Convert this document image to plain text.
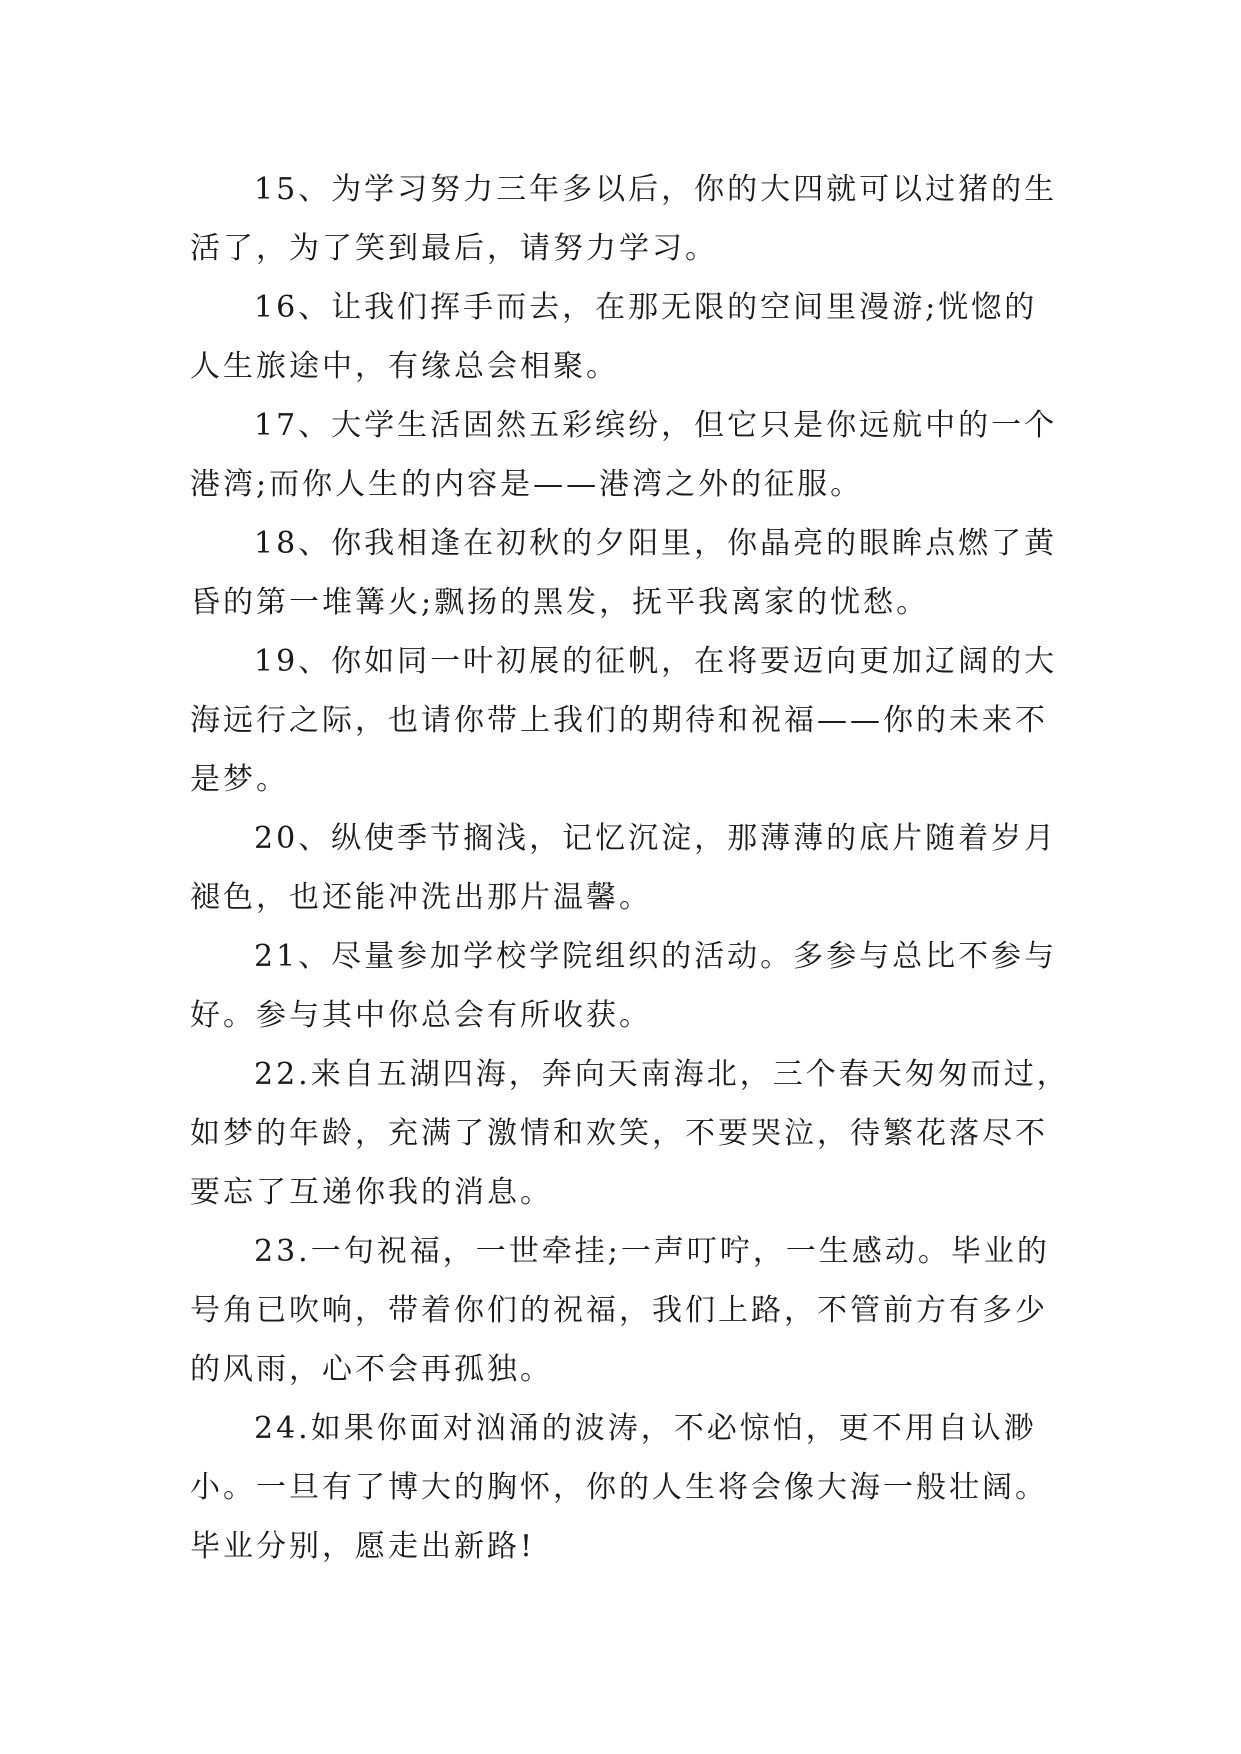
15、为学习努力三年多以后，你的大四就可以过猪的生
活了，为了笑到最后，请努力学习。

16、让我们挥手而去，在那无限的空间里漫游;恍惚的
人生旅途中，有缘总会相聚。

17、大学生活固然五彩缤纷，但它只是你远航中的一个
港湾;而你人生的内容是——港湾之外的征服。

18、你我相逢在初秋的夕阳里，你晶亮的眼眸点燃了黄
昏的第一堆篝火;飘扬的黑发，抚平我离家的忧愁。

19、你如同一叶初展的征帆，在将要迈向更加辽阔的大
海远行之际，也请你带上我们的期待和祝福——你的未来不
是梦。

20、纵使季节搁浅，记忆沉淀，那薄薄的底片随着岁月
褪色，也还能冲洗出那片温馨。

21、尽量参加学校学院组织的活动。多参与总比不参与
好。参与其中你总会有所收获。

22.来自五湖四海，奔向天南海北，三个春天匆匆而过，
如梦的年龄，充满了激情和欢笑，不要哭泣，待繁花落尽不
要忘了互递你我的消息。

23.一句祝福，一世牵挂;一声叮咛，一生感动。毕业的
号角已吹响，带着你们的祝福，我们上路，不管前方有多少
的风雨，心不会再孤独。

24.如果你面对汹涌的波涛，不必惊怕，更不用自认渺
小。一旦有了博大的胸怀，你的人生将会像大海一般壮阔。
毕业分别，愿走出新路!
